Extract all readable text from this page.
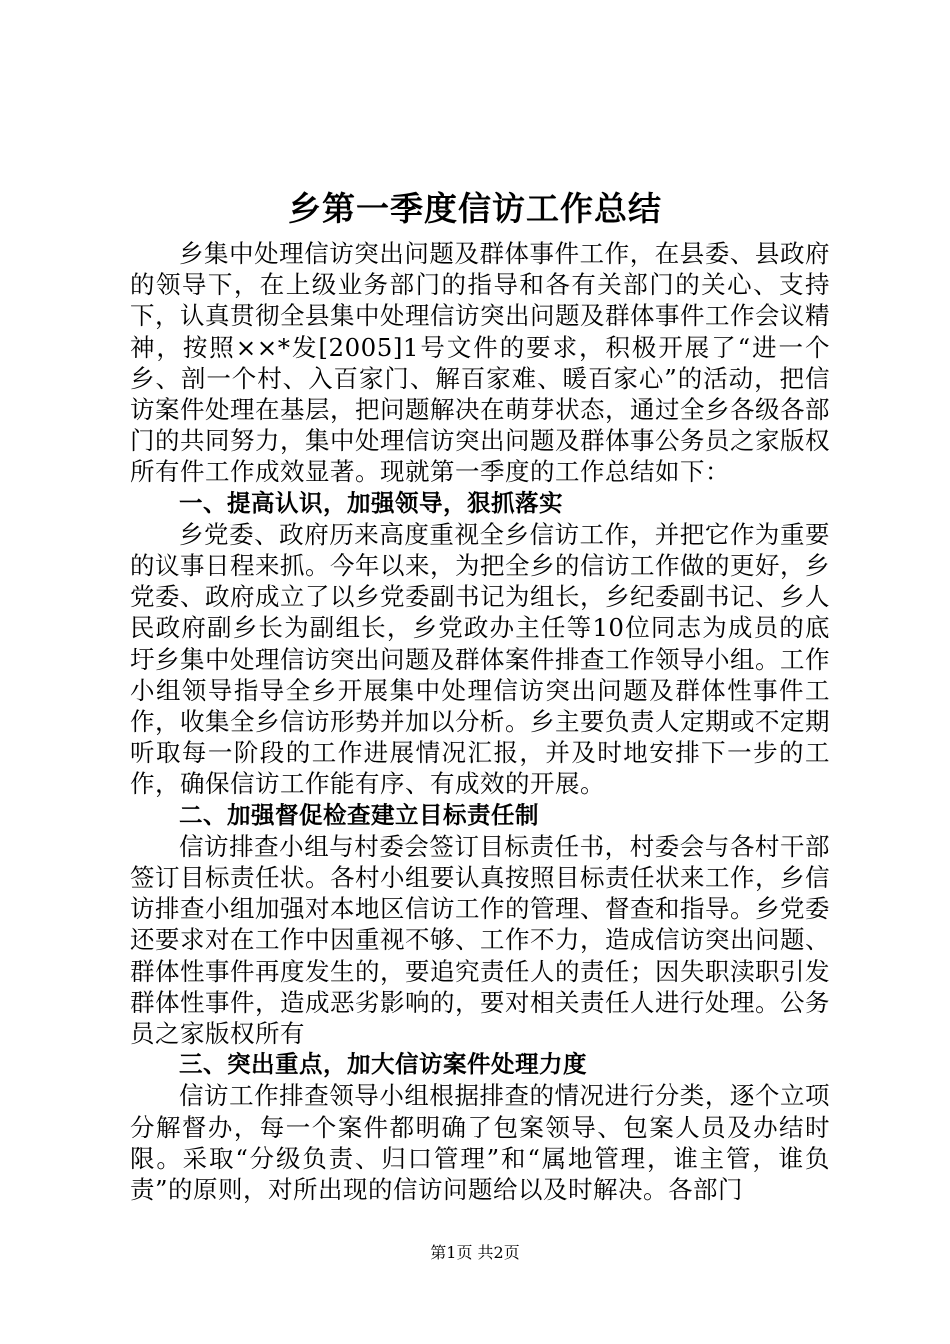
乡第一季度信访工作总结

乡集中处理信访突出问题及群体事件工作，在县委、县政府的领导下，在上级业务部门的指导和各有关部门的关心、支持下，认真贯彻全县集中处理信访突出问题及群体事件工作会议精神，按照××*发[2005]1号文件的要求，积极开展了“进一个乡、剖一个村、入百家门、解百家难、暖百家心”的活动，把信访案件处理在基层，把问题解决在萌芽状态，通过全乡各级各部门的共同努力，集中处理信访突出问题及群体事公务员之家版权所有件工作成效显著。现就第一季度的工作总结如下：

一、提高认识，加强领导，狠抓落实

乡党委、政府历来高度重视全乡信访工作，并把它作为重要的议事日程来抓。今年以来，为把全乡的信访工作做的更好，乡党委、政府成立了以乡党委副书记为组长，乡纪委副书记、乡人民政府副乡长为副组长，乡党政办主任等10位同志为成员的底圩乡集中处理信访突出问题及群体案件排查工作领导小组。工作小组领导指导全乡开展集中处理信访突出问题及群体性事件工作，收集全乡信访形势并加以分析。乡主要负责人定期或不定期听取每一阶段的工作进展情况汇报，并及时地安排下一步的工作，确保信访工作能有序、有成效的开展。

二、加强督促检查建立目标责任制

信访排查小组与村委会签订目标责任书，村委会与各村干部签订目标责任状。各村小组要认真按照目标责任状来工作，乡信访排查小组加强对本地区信访工作的管理、督查和指导。乡党委还要求对在工作中因重视不够、工作不力，造成信访突出问题、群体性事件再度发生的，要追究责任人的责任；因失职渎职引发群体性事件，造成恶劣影响的，要对相关责任人进行处理。公务员之家版权所有

三、突出重点，加大信访案件处理力度

信访工作排查领导小组根据排查的情况进行分类，逐个立项分解督办，每一个案件都明确了包案领导、包案人员及办结时限。采取“分级负责、归口管理”和“属地管理，谁主管，谁负责”的原则，对所出现的信访问题给以及时解决。各部门

第1页 共2页
